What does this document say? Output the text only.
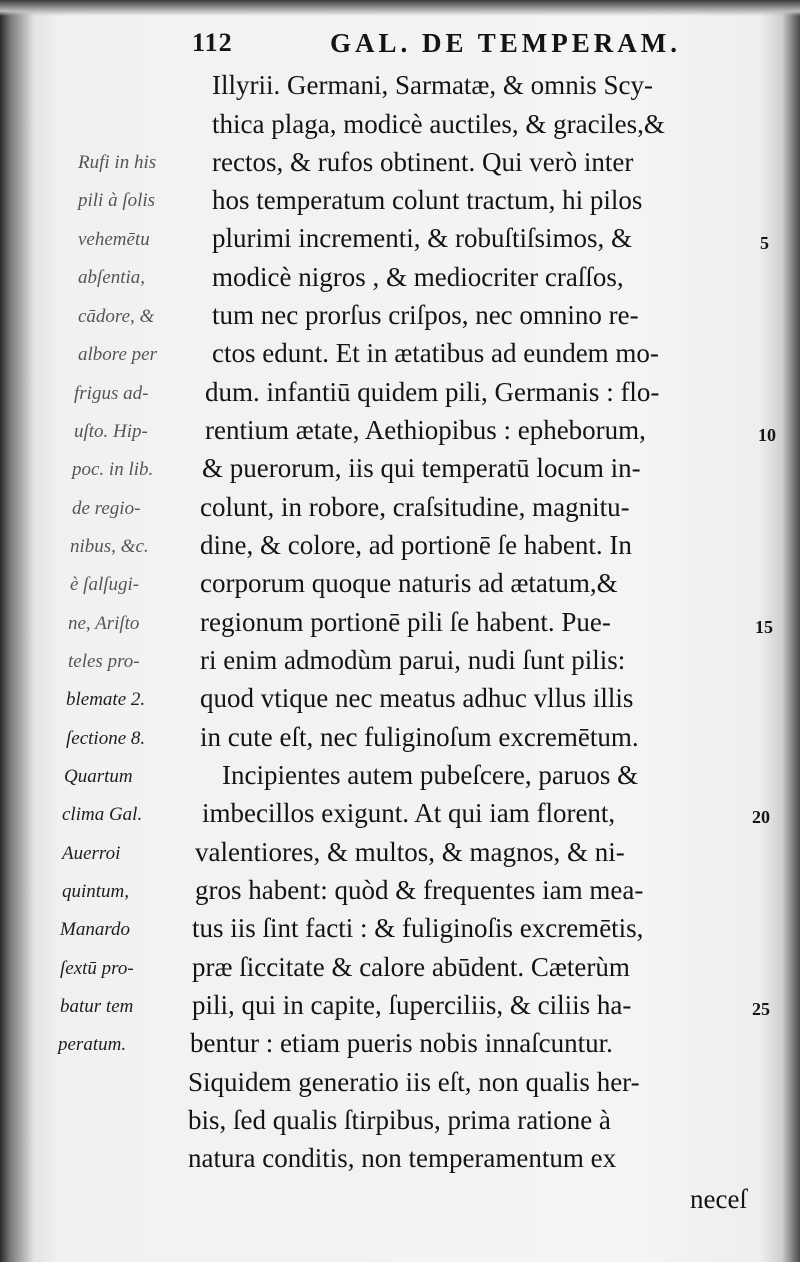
112	GAL. DE TEMPERAM.
Illyrii. Germani, Sarmatæ, & omnis Scy-
thica plaga, modicè auctiles, & graciles,&
rectos, & rufos obtinent. Qui verò inter
hos temperatum colunt tractum, hi pilos
plurimi incrementi, & robuſtiſsimos, &
modicè nigros , & mediocriter craſſos,
tum nec prorſus criſpos, nec omnino re-
ctos edunt. Et in ætatibus ad eundem mo-
dum. infantiū quidem pili, Germanis : flo-
rentium ætate, Aethiopibus : epheborum,
& puerorum, iis qui temperatū locum in-
colunt, in robore, craſsitudine, magnitu-
dine, & colore, ad portionē ſe habent. In
corporum quoque naturis ad ætatum,&
regionum portionē pili ſe habent. Pue-
ri enim admodùm parui, nudi ſunt pilis:
quod vtique nec meatus adhuc vllus illis
in cute eſt, nec fuliginoſum excremētum.
Incipientes autem pubeſcere, paruos &
imbecillos exigunt. At qui iam florent,
valentiores, & multos, & magnos, & ni-
gros habent: quòd & frequentes iam mea-
tus iis ſint facti : & fuliginoſis excremētis,
præ ſiccitate & calore abūdent. Cæterùm
pili, qui in capite, ſuperciliis, & ciliis ha-
bentur : etiam pueris nobis innaſcuntur.
Siquidem generatio iis eſt, non qualis her-
bis, ſed qualis ſtirpibus, prima ratione à
natura conditis, non temperamentum ex
neceſ
Rufi in his
pili à ſolis
vehemētu
abſentia,
cādore, &
albore per
frigus ad-
uſto. Hip-
poc. in lib.
de regio-
nibus, &c.
è ſalſugi-
ne, Ariſto
teles pro-
blemate 2.
ſectione 8.
Quartum
clima Gal.
Auerroi
quintum,
Manardo
ſextū pro-
batur tem
peratum.
5
10
15
20
25
